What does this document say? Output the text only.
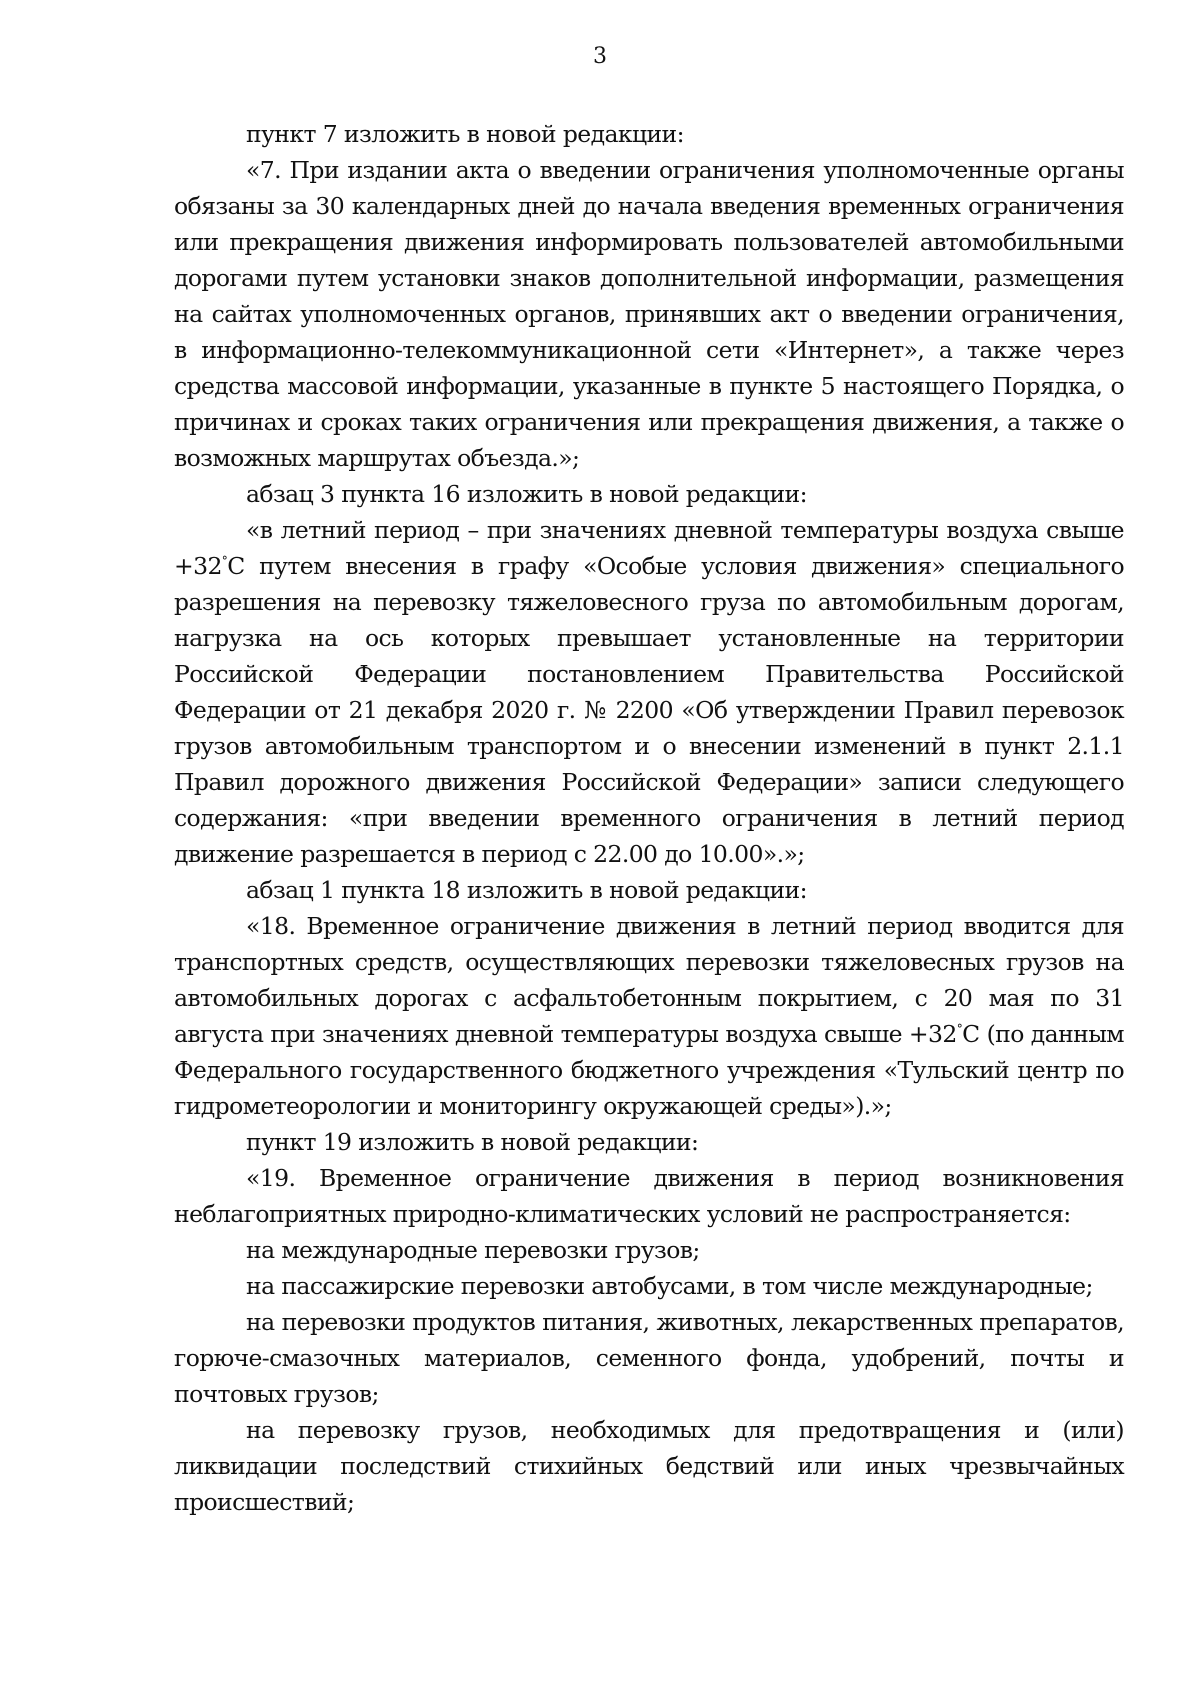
3

пункт 7 изложить в новой редакции:

«7. При издании акта о введении ограничения уполномоченные органы обязаны за 30 календарных дней до начала введения временных ограничения или прекращения движения информировать пользователей автомобильными дорогами путем установки знаков дополнительной информации, размещения на сайтах уполномоченных органов, принявших акт о введении ограничения, в информационно-телекоммуникационной сети «Интернет», а также через средства массовой информации, указанные в пункте 5 настоящего Порядка, о причинах и сроках таких ограничения или прекращения движения, а также о возможных маршрутах объезда.»;

абзац 3 пункта 16 изложить в новой редакции:

«в летний период – при значениях дневной температуры воздуха свыше +32°С путем внесения в графу «Особые условия движения» специального разрешения на перевозку тяжеловесного груза по автомобильным дорогам, нагрузка на ось которых превышает установленные на территории Российской Федерации постановлением Правительства Российской Федерации от 21 декабря 2020 г. № 2200 «Об утверждении Правил перевозок грузов автомобильным транспортом и о внесении изменений в пункт 2.1.1 Правил дорожного движения Российской Федерации» записи следующего содержания: «при введении временного ограничения в летний период движение разрешается в период с 22.00 до 10.00».»;

абзац 1 пункта 18 изложить в новой редакции:

«18. Временное ограничение движения в летний период вводится для транспортных средств, осуществляющих перевозки тяжеловесных грузов на автомобильных дорогах с асфальтобетонным покрытием, с 20 мая по 31 августа при значениях дневной температуры воздуха свыше +32°С (по данным Федерального государственного бюджетного учреждения «Тульский центр по гидрометеорологии и мониторингу окружающей среды»).»;

пункт 19 изложить в новой редакции:

«19. Временное ограничение движения в период возникновения неблагоприятных природно-климатических условий не распространяется:

на международные перевозки грузов;

на пассажирские перевозки автобусами, в том числе международные;

на перевозки продуктов питания, животных, лекарственных препаратов, горюче-смазочных материалов, семенного фонда, удобрений, почты и почтовых грузов;

на перевозку грузов, необходимых для предотвращения и (или) ликвидации последствий стихийных бедствий или иных чрезвычайных происшествий;
